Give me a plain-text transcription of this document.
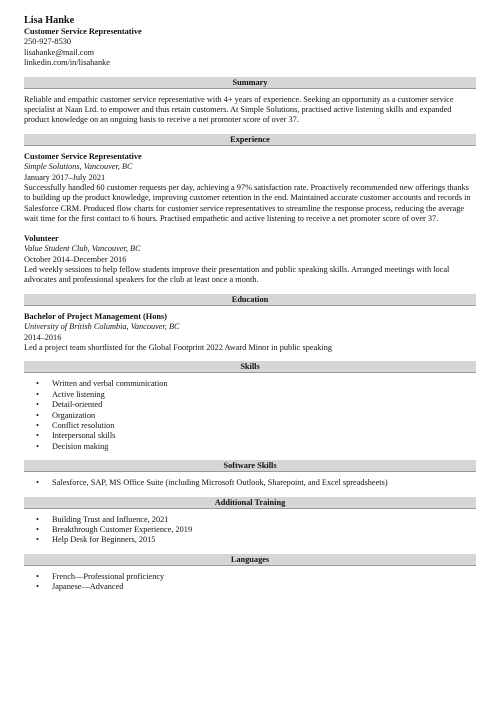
Lisa Hanke
Customer Service Representative
250-927-8530
lisahanke@mail.com
linkedin.com/in/lisahanke
Summary

Reliable and empathic customer service representative with 4+ years of experience. Seeking an opportunity as a customer service specialist at Naan Ltd. to empower and thus retain customers. At Simple Solutions, practised active listening skills and expanded product knowledge on an ongoing basis to receive a net promoter score of over 37.

Experience
Customer Service Representative
Simple Solutions, Vancouver, BC
January 2017–July 2021

Successfully handled 60 customer requests per day, achieving a 97% satisfaction rate. Proactively recommended new offerings thanks to building up the product knowledge, improving customer retention in the end. Maintained accurate customer accounts and records in Salesforce CRM. Produced flow charts for customer service representatives to streamline the response process, reducing the average wait time for the first contact to 6 hours. Practised empathetic and active listening to receive a net promoter score of over 37.

Volunteer
Value Student Club, Vancouver, BC
October 2014–December 2016

Led weekly sessions to help fellow students improve their presentation and public speaking skills. Arranged meetings with local advocates and professional speakers for the club at least once a month.

Education
Bachelor of Project Management (Hons)
University of British Columbia, Vancouver, BC
2014–2016

Led a project team shortlisted for the Global Footprint 2022 Award Minor in public speaking

Skills
• Written and verbal communication
• Active listening
• Detail-oriented
• Organization
• Conflict resolution
• Interpersonal skills
• Decision making
Software Skills
• Salesforce, SAP, MS Office Suite (including Microsoft Outlook, Sharepoint, and Excel spreadsheets)
Additional Training
• Building Trust and Influence, 2021
• Breakthrough Customer Experience, 2019
• Help Desk for Beginners, 2015
Languages
• French—Professional proficiency
• Japanese—Advanced
